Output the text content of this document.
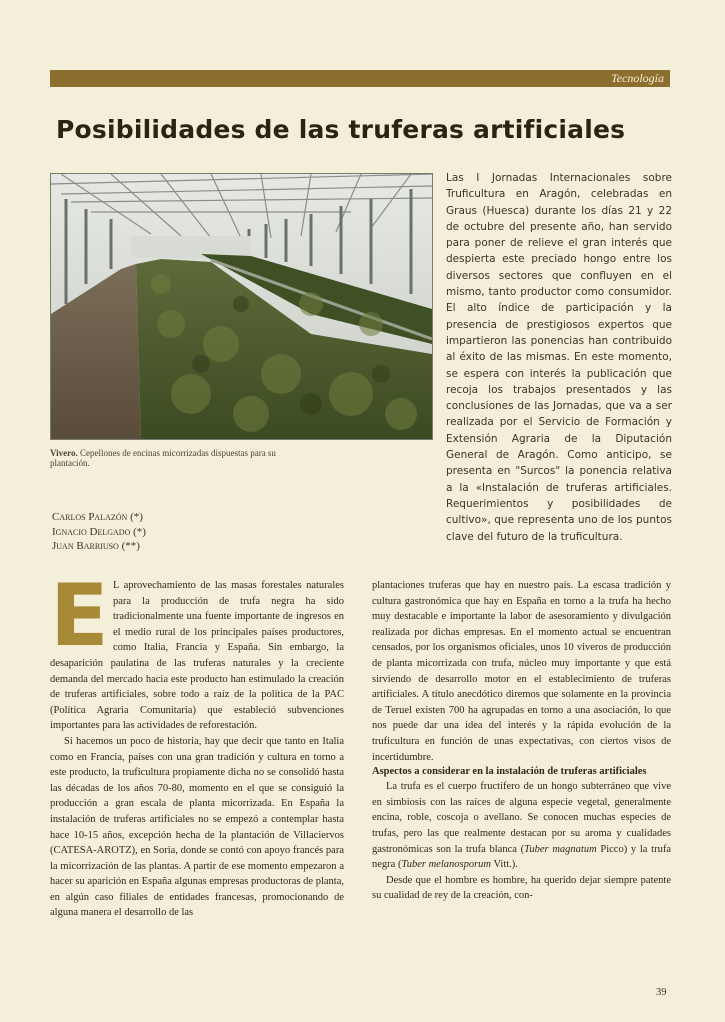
Tecnología
Posibilidades de las truferas artificiales
Vivero. Cepellones de encinas micorrizadas dispuestas para su plantación.
Carlos Palazón (*)
Ignacio Delgado (*)
Juan Barriuso (**)

Las I Jornadas Internacionales sobre Truficultura en Aragón, celebradas en Graus (Huesca) durante los días 21 y 22 de octubre del presente año, han servido para poner de relieve el gran interés que despierta este preciado hongo entre los diversos sectores que confluyen en el mismo, tanto productor como consumidor. El alto índice de participación y la presencia de prestigiosos expertos que impartieron las ponencias han contribuido al éxito de las mismas. En este momento, se espera con interés la publicación que recoja los trabajos presentados y las conclusiones de las Jornadas, que va a ser realizada por el Servicio de Formación y Extensión Agraria de la Diputación General de Aragón. Como anticipo, se presenta en "Surcos" la ponencia relativa a la «Instalación de truferas artificiales. Requerimientos y posibilidades de cultivo», que representa uno de los puntos clave del futuro de la truficultura.

E L aprovechamiento de las masas forestales naturales para la producción de trufa negra ha sido tradicionalmente una fuente importante de ingresos en el medio rural de los principales países productores, como Italia, Francia y España. Sin embargo, la desaparición paulatina de las truferas naturales y la creciente demanda del mercado hacia este producto han estimulado la creación de truferas artificiales, sobre todo a raíz de la política de la PAC (Política Agraria Comunitaria) que estableció subvenciones importantes para las actividades de reforestación.

Si hacemos un poco de historia, hay que decir que tanto en Italia como en Francia, países con una gran tradición y cultura en torno a este producto, la truficultura propiamente dicha no se consolidó hasta las décadas de los años 70-80, momento en el que se consiguió la producción a gran escala de planta micorrizada. En España la instalación de truferas artificiales no se empezó a contemplar hasta hace 10-15 años, excepción hecha de la plantación de Villaciervos (CATESA-AROTZ), en Soria, donde se contó con apoyo francés para la micorrización de las plantas. A partir de ese momento empezaron a hacer su aparición en España algunas empresas productoras de planta, en algún caso filiales de entidades francesas, promocionando de alguna manera el desarrollo de las

plantaciones truferas que hay en nuestro país. La escasa tradición y cultura gastronómica que hay en España en torno a la trufa ha hecho muy destacable e importante la labor de asesoramiento y divulgación realizada por dichas empresas. En el momento actual se encuentran censados, por los organismos oficiales, unos 10 viveros de producción de planta micorrizada con trufa, núcleo muy importante y que está sirviendo de desarrollo motor en el establecimiento de truferas artificiales. A título anecdótico diremos que solamente en la provincia de Teruel existen 700 ha agrupadas en torno a una asociación, lo que nos puede dar una idea del interés y la rápida evolución de la truficultura en función de unas expectativas, con ciertos visos de incertidumbre.

Aspectos a considerar en la instalación de truferas artificiales

La trufa es el cuerpo fructífero de un hongo subterráneo que vive en simbiosis con las raíces de alguna especie vegetal, generalmente encina, roble, coscoja o avellano. Se conocen muchas especies de trufas, pero las que realmente destacan por su aroma y cualidades gastronómicas son la trufa blanca (Tuber magnatum Picco) y la trufa negra (Tuber melanosporum Vitt.).

Desde que el hombre es hombre, ha querido dejar siempre patente su cualidad de rey de la creación, con-

39
